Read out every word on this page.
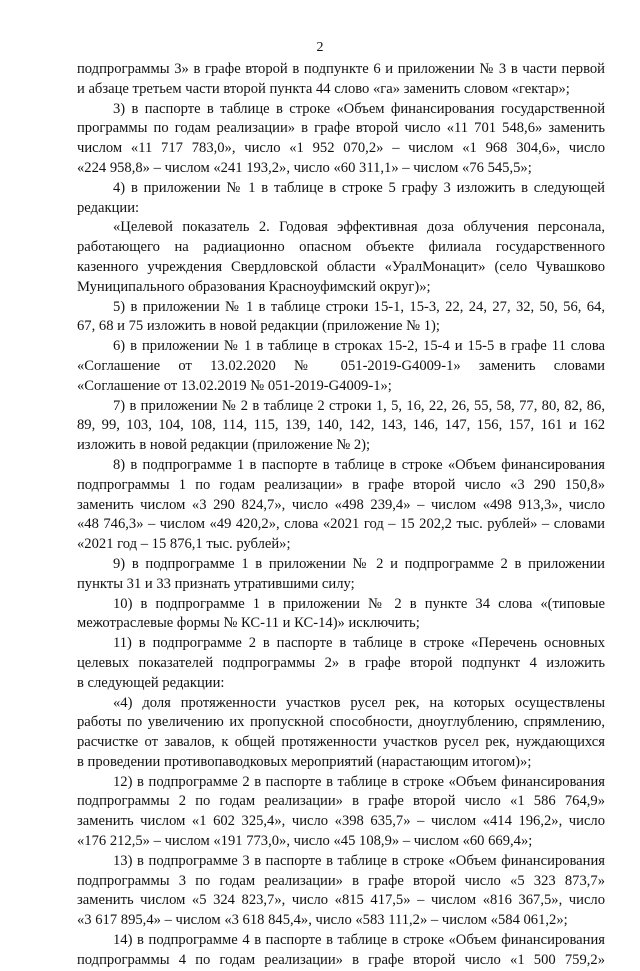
2
подпрограммы 3» в графе второй в подпункте 6 и приложении № 3 в части первой
и абзаце третьем части второй пункта 44 слово «га» заменить словом «гектар»;
3) в паспорте в таблице в строке «Объем финансирования государственной
программы по годам реализации» в графе второй число «11 701 548,6» заменить
числом «11 717 783,0», число «1 952 070,2» – числом «1 968 304,6», число
«224 958,8» – числом «241 193,2», число «60 311,1» – числом «76 545,5»;
4) в приложении № 1 в таблице в строке 5 графу 3 изложить в следующей
редакции:
«Целевой показатель 2. Годовая эффективная доза облучения персонала,
работающего на радиационно опасном объекте филиала государственного
казенного учреждения Свердловской области «УралМонацит» (село Чувашково
Муниципального образования Красноуфимский округ)»;
5) в приложении № 1 в таблице строки 15-1, 15-3, 22, 24, 27, 32, 50, 56, 64,
67, 68 и 75 изложить в новой редакции (приложение № 1);
6) в приложении № 1 в таблице в строках 15-2, 15-4 и 15-5 в графе 11 слова
«Соглашение от 13.02.2020 № 051-2019-G4009-1» заменить словами
«Соглашение от 13.02.2019 № 051-2019-G4009-1»;
7) в приложении № 2 в таблице 2 строки 1, 5, 16, 22, 26, 55, 58, 77, 80, 82, 86,
89, 99, 103, 104, 108, 114, 115, 139, 140, 142, 143, 146, 147, 156, 157, 161 и 162
изложить в новой редакции (приложение № 2);
8) в подпрограмме 1 в паспорте в таблице в строке «Объем финансирования
подпрограммы 1 по годам реализации» в графе второй число «3 290 150,8»
заменить числом «3 290 824,7», число «498 239,4» – числом «498 913,3», число
«48 746,3» – числом «49 420,2», слова «2021 год – 15 202,2 тыс. рублей» – словами
«2021 год – 15 876,1 тыс. рублей»;
9) в подпрограмме 1 в приложении № 2 и подпрограмме 2 в приложении
пункты 31 и 33 признать утратившими силу;
10) в подпрограмме 1 в приложении № 2 в пункте 34 слова «(типовые
межотраслевые формы № КС-11 и КС-14)» исключить;
11) в подпрограмме 2 в паспорте в таблице в строке «Перечень основных
целевых показателей подпрограммы 2» в графе второй подпункт 4 изложить
в следующей редакции:
«4) доля протяженности участков русел рек, на которых осуществлены
работы по увеличению их пропускной способности, дноуглублению, спрямлению,
расчистке от завалов, к общей протяженности участков русел рек, нуждающихся
в проведении противопаводковых мероприятий (нарастающим итогом)»;
12) в подпрограмме 2 в паспорте в таблице в строке «Объем финансирования
подпрограммы 2 по годам реализации» в графе второй число «1 586 764,9»
заменить числом «1 602 325,4», число «398 635,7» – числом «414 196,2», число
«176 212,5» – числом «191 773,0», число «45 108,9» – числом «60 669,4»;
13) в подпрограмме 3 в паспорте в таблице в строке «Объем финансирования
подпрограммы 3 по годам реализации» в графе второй число «5 323 873,7»
заменить числом «5 324 823,7», число «815 417,5» – числом «816 367,5», число
«3 617 895,4» – числом «3 618 845,4», число «583 111,2» – числом «584 061,2»;
14) в подпрограмме 4 в паспорте в таблице в строке «Объем финансирования
подпрограммы 4 по годам реализации» в графе второй число «1 500 759,2»
